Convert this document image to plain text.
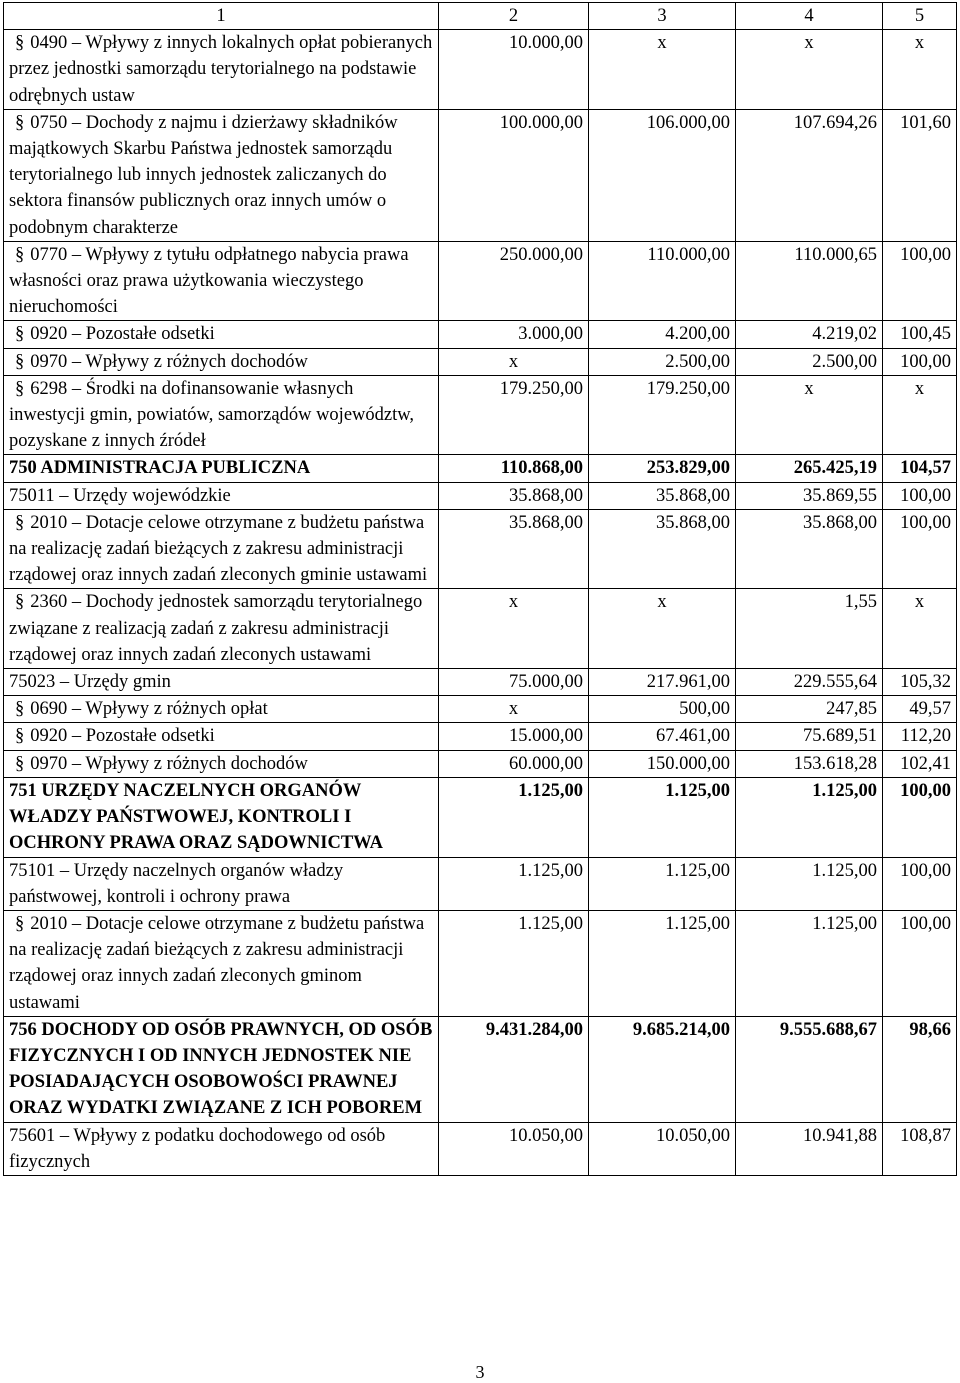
1	2	3	4	5
§ 0490 – Wpływy z innych lokalnych opłat pobieranych przez jednostki samorządu terytorialnego na podstawie odrębnych ustaw	10.000,00	x	x	x
§ 0750 – Dochody z najmu i dzierżawy składników majątkowych Skarbu Państwa jednostek samorządu terytorialnego lub innych jednostek zaliczanych do sektora finansów publicznych oraz innych umów o podobnym charakterze	100.000,00	106.000,00	107.694,26	101,60
§ 0770 – Wpływy z tytułu odpłatnego nabycia prawa własności oraz prawa użytkowania wieczystego nieruchomości	250.000,00	110.000,00	110.000,65	100,00
§ 0920 – Pozostałe odsetki	3.000,00	4.200,00	4.219,02	100,45
§ 0970 – Wpływy z różnych dochodów	x	2.500,00	2.500,00	100,00
§ 6298 – Środki na dofinansowanie własnych inwestycji gmin, powiatów, samorządów województw, pozyskane z innych źródeł	179.250,00	179.250,00	x	x
750 ADMINISTRACJA PUBLICZNA	110.868,00	253.829,00	265.425,19	104,57
75011 – Urzędy wojewódzkie	35.868,00	35.868,00	35.869,55	100,00
§ 2010 – Dotacje celowe otrzymane z budżetu państwa na realizację zadań bieżących z zakresu administracji rządowej oraz innych zadań zleconych gminie ustawami	35.868,00	35.868,00	35.868,00	100,00
§ 2360 – Dochody jednostek samorządu terytorialnego związane z realizacją zadań z zakresu administracji rządowej oraz innych zadań zleconych ustawami	x	x	1,55	x
75023 – Urzędy gmin	75.000,00	217.961,00	229.555,64	105,32
§ 0690 – Wpływy z różnych opłat	x	500,00	247,85	49,57
§ 0920 – Pozostałe odsetki	15.000,00	67.461,00	75.689,51	112,20
§ 0970 – Wpływy z różnych dochodów	60.000,00	150.000,00	153.618,28	102,41
751 URZĘDY NACZELNYCH ORGANÓW WŁADZY PAŃSTWOWEJ, KONTROLI I OCHRONY PRAWA ORAZ SĄDOWNICTWA	1.125,00	1.125,00	1.125,00	100,00
75101 – Urzędy naczelnych organów władzy państwowej, kontroli i ochrony prawa	1.125,00	1.125,00	1.125,00	100,00
§ 2010 – Dotacje celowe otrzymane z budżetu państwa na realizację zadań bieżących z zakresu administracji rządowej oraz innych zadań zleconych gminom ustawami	1.125,00	1.125,00	1.125,00	100,00
756 DOCHODY OD OSÓB PRAWNYCH, OD OSÓB FIZYCZNYCH I OD INNYCH JEDNOSTEK NIE POSIADAJĄCYCH OSOBOWOŚCI PRAWNEJ ORAZ WYDATKI ZWIĄZANE Z ICH POBOREM	9.431.284,00	9.685.214,00	9.555.688,67	98,66
75601 – Wpływy z podatku dochodowego od osób fizycznych	10.050,00	10.050,00	10.941,88	108,87
3
